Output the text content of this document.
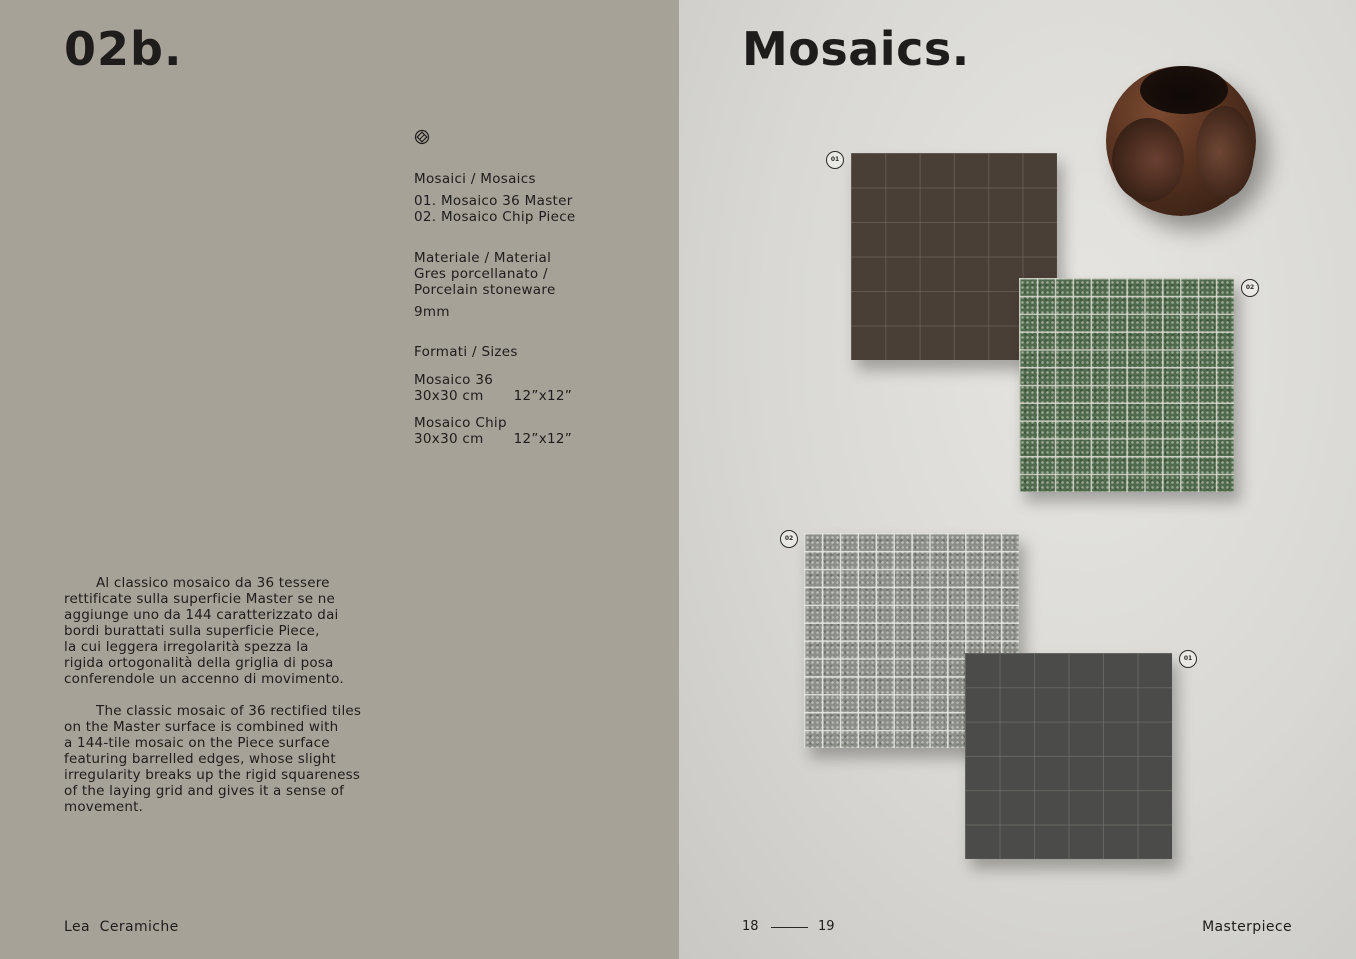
02b.
Mosaici / Mosaics
01. Mosaico 36 Master
02. Mosaico Chip Piece
Materiale / Material
Gres porcellanato /
Porcelain stoneware
9mm
Formati / Sizes
Mosaico 36
30x30 cm 12”x12”
Mosaico Chip
30x30 cm 12”x12”
Al classico mosaico da 36 tessere
rettificate sulla superficie Master se ne
aggiunge uno da 144 caratterizzato dai
bordi burattati sulla superficie Piece,
la cui leggera irregolarità spezza la
rigida ortogonalità della griglia di posa
conferendole un accenno di movimento.
The classic mosaic of 36 rectified tiles
on the Master surface is combined with
a 144-tile mosaic on the Piece surface
featuring barrelled edges, whose slight
irregularity breaks up the rigid squareness
of the laying grid and gives it a sense of
movement.
Lea  Ceramiche
Mosaics.
01
02
02
01
18	19	Masterpiece
